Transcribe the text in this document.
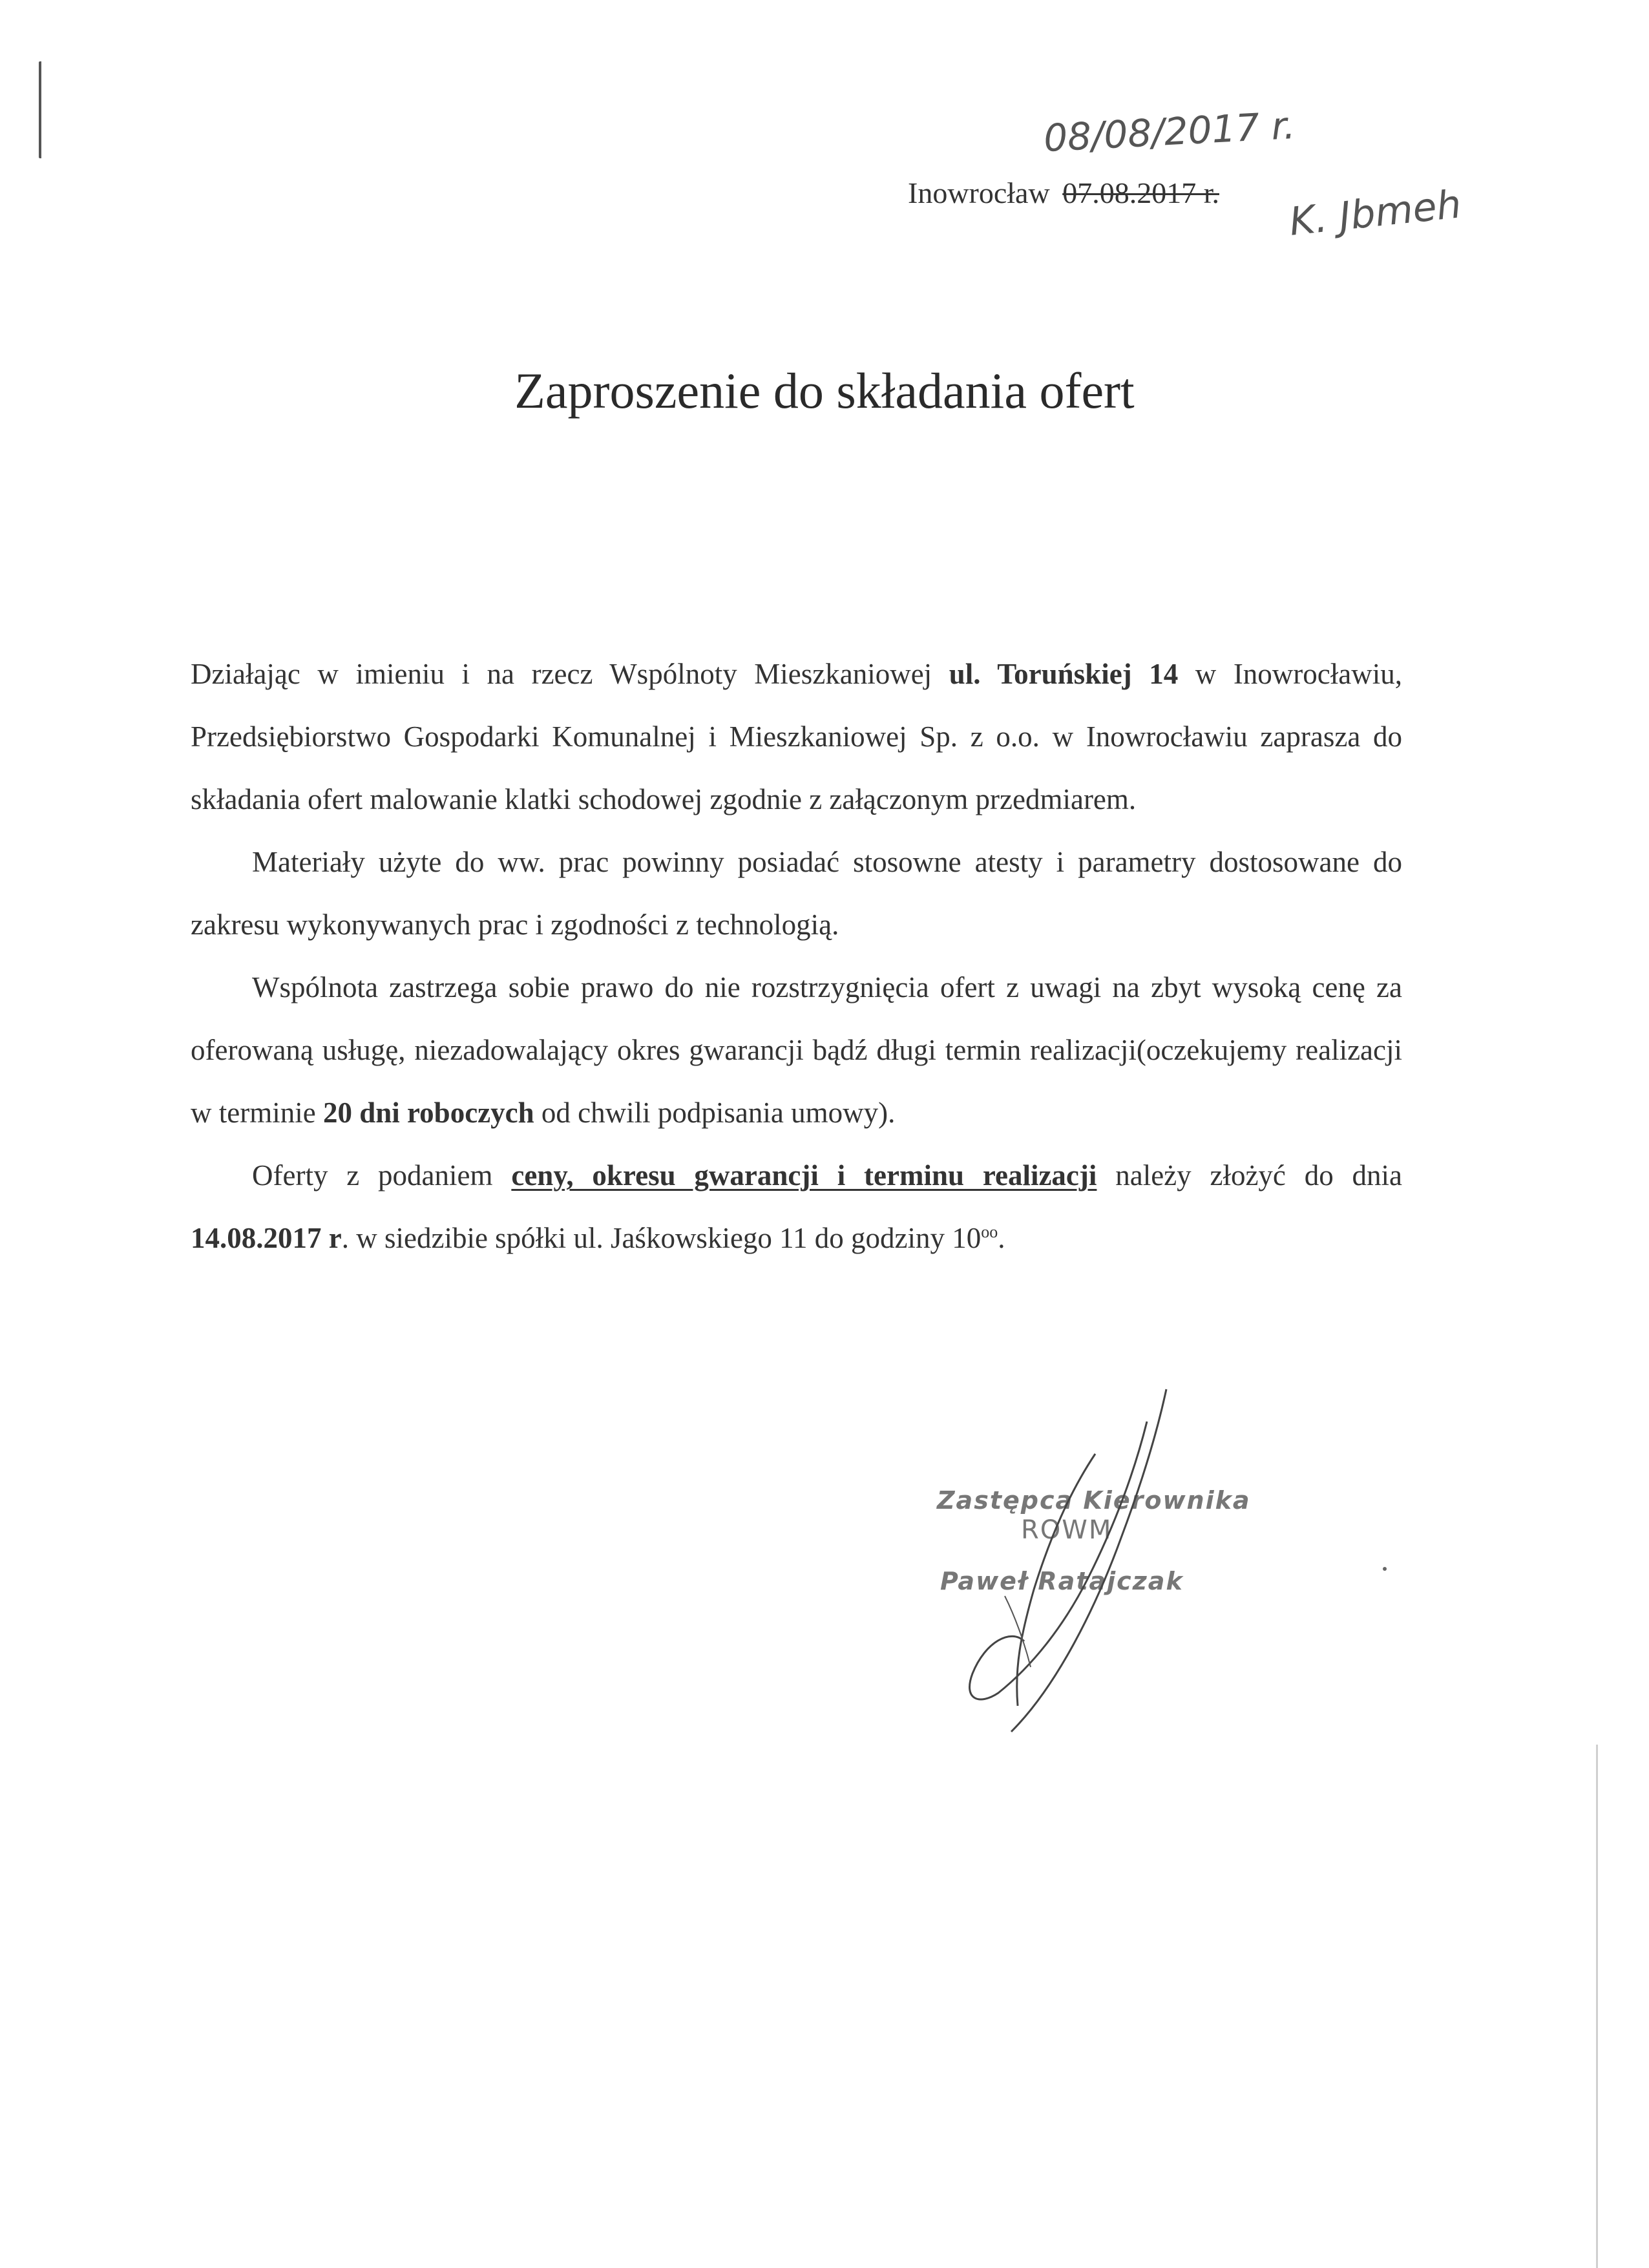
08/08/2017 r.
Inowrocław 07.08.2017 r. K. Jbmeh
Zaproszenie do składania ofert

Działając w imieniu i na rzecz Wspólnoty Mieszkaniowej ul. Toruńskiej 14 w Inowrocławiu, Przedsiębiorstwo Gospodarki Komunalnej i Mieszkaniowej Sp. z o.o. w Inowrocławiu zaprasza do składania ofert malowanie klatki schodowej zgodnie z załączonym przedmiarem.

Materiały użyte do ww. prac powinny posiadać stosowne atesty i parametry dostosowane do zakresu wykonywanych prac i zgodności z technologią.

Wspólnota zastrzega sobie prawo do nie rozstrzygnięcia ofert z uwagi na zbyt wysoką cenę za oferowaną usługę, niezadowalający okres gwarancji bądź długi termin realizacji(oczekujemy realizacji w terminie 20 dni roboczych od chwili podpisania umowy).

Oferty z podaniem ceny, okresu gwarancji i terminu realizacji należy złożyć do dnia 14.08.2017 r. w siedzibie spółki ul. Jaśkowskiego 11 do godziny $10^{oo}$.

Zastępca Kierownika
ROWM
Paweł Ratajczak
